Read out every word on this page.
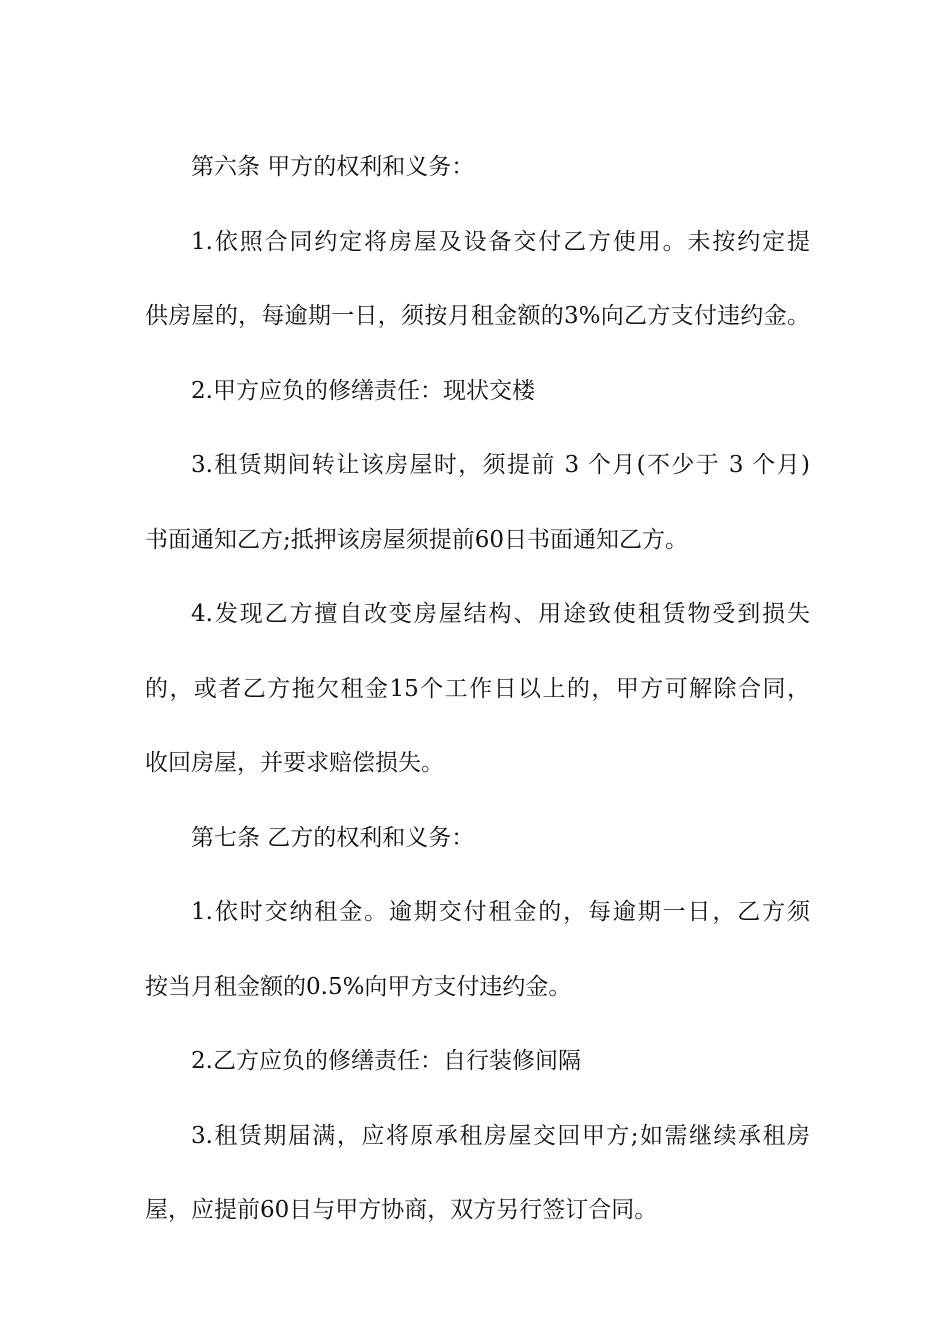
第六条 甲方的权利和义务：
1.依照合同约定将房屋及设备交付乙方使用。未按约定提
供房屋的，每逾期一日，须按月租金额的3%向乙方支付违约金。
2.甲方应负的修缮责任：现状交楼
3.租赁期间转让该房屋时，须提前 3 个月(不少于 3 个月)
书面通知乙方;抵押该房屋须提前60日书面通知乙方。
4.发现乙方擅自改变房屋结构、用途致使租赁物受到损失
的，或者乙方拖欠租金15个工作日以上的，甲方可解除合同，
收回房屋，并要求赔偿损失。
第七条 乙方的权利和义务：
1.依时交纳租金。逾期交付租金的，每逾期一日，乙方须
按当月租金额的0.5%向甲方支付违约金。
2.乙方应负的修缮责任：自行装修间隔
3.租赁期届满，应将原承租房屋交回甲方;如需继续承租房
屋，应提前60日与甲方协商，双方另行签订合同。
